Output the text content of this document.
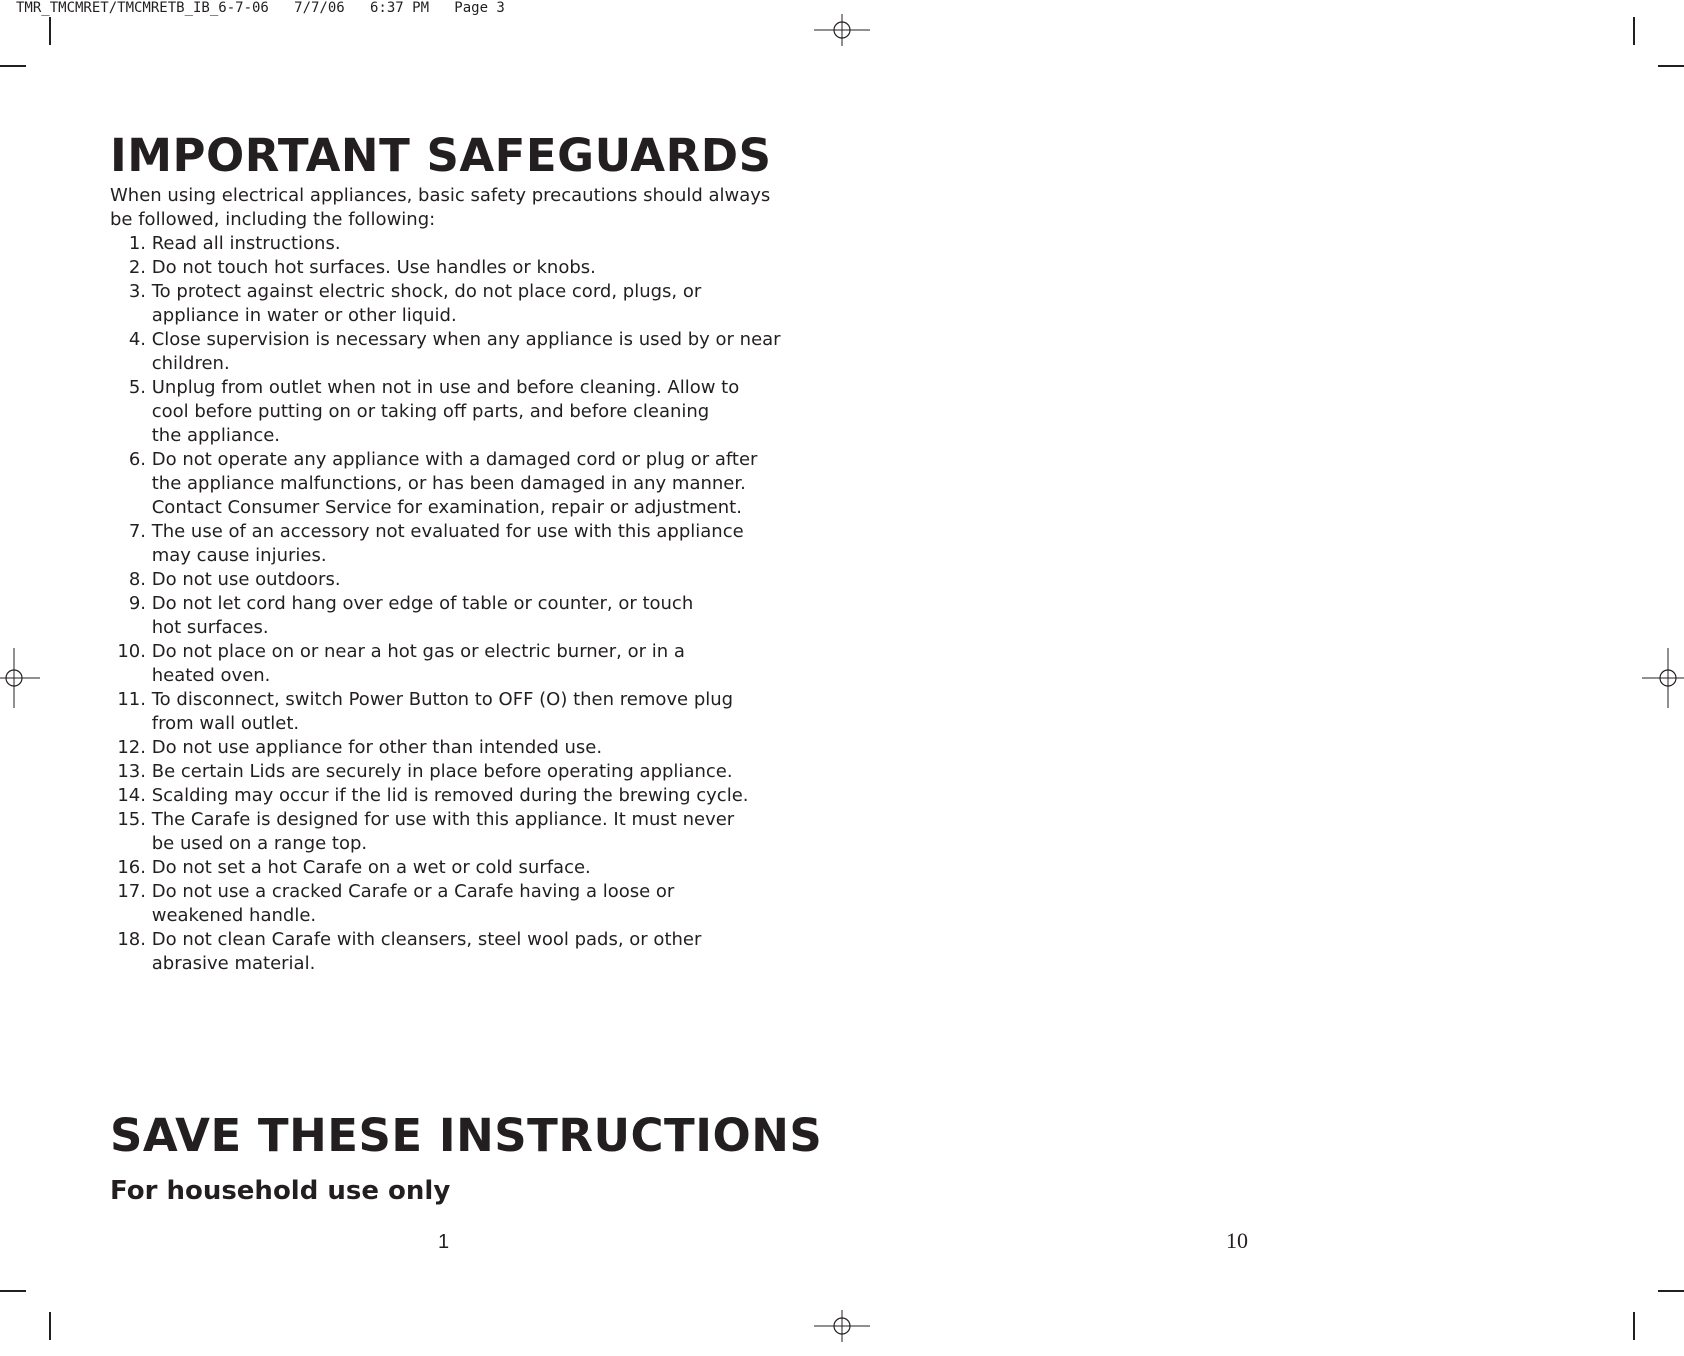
TMR_TMCMRET/TMCMRETB_IB_6-7-06   7/7/06   6:37 PM   Page 3
IMPORTANT SAFEGUARDS

When using electrical appliances, basic safety precautions should always be followed, including the following:

1.
Read all instructions.
2.
Do not touch hot surfaces. Use handles or knobs.
3.
To protect against electric shock, do not place cord, plugs, or
appliance in water or other liquid.
4.
Close supervision is necessary when any appliance is used by or near
children.
5.
Unplug from outlet when not in use and before cleaning. Allow to
cool before putting on or taking off parts, and before cleaning
the appliance.
6.
Do not operate any appliance with a damaged cord or plug or after
the appliance malfunctions, or has been damaged in any manner.
Contact Consumer Service for examination, repair or adjustment.
7.
The use of an accessory not evaluated for use with this appliance
may cause injuries.
8.
Do not use outdoors.
9.
Do not let cord hang over edge of table or counter, or touch
hot surfaces.
10.
Do not place on or near a hot gas or electric burner, or in a
heated oven.
11.
To disconnect, switch Power Button to OFF (O) then remove plug
from wall outlet.
12.
Do not use appliance for other than intended use.
13.
Be certain Lids are securely in place before operating appliance.
14.
Scalding may occur if the lid is removed during the brewing cycle.
15.
The Carafe is designed for use with this appliance. It must never
be used on a range top.
16.
Do not set a hot Carafe on a wet or cold surface.
17.
Do not use a cracked Carafe or a Carafe having a loose or
weakened handle.
18.
Do not clean Carafe with cleansers, steel wool pads, or other
abrasive material.
SAVE THESE INSTRUCTIONS
For household use only
1	10
